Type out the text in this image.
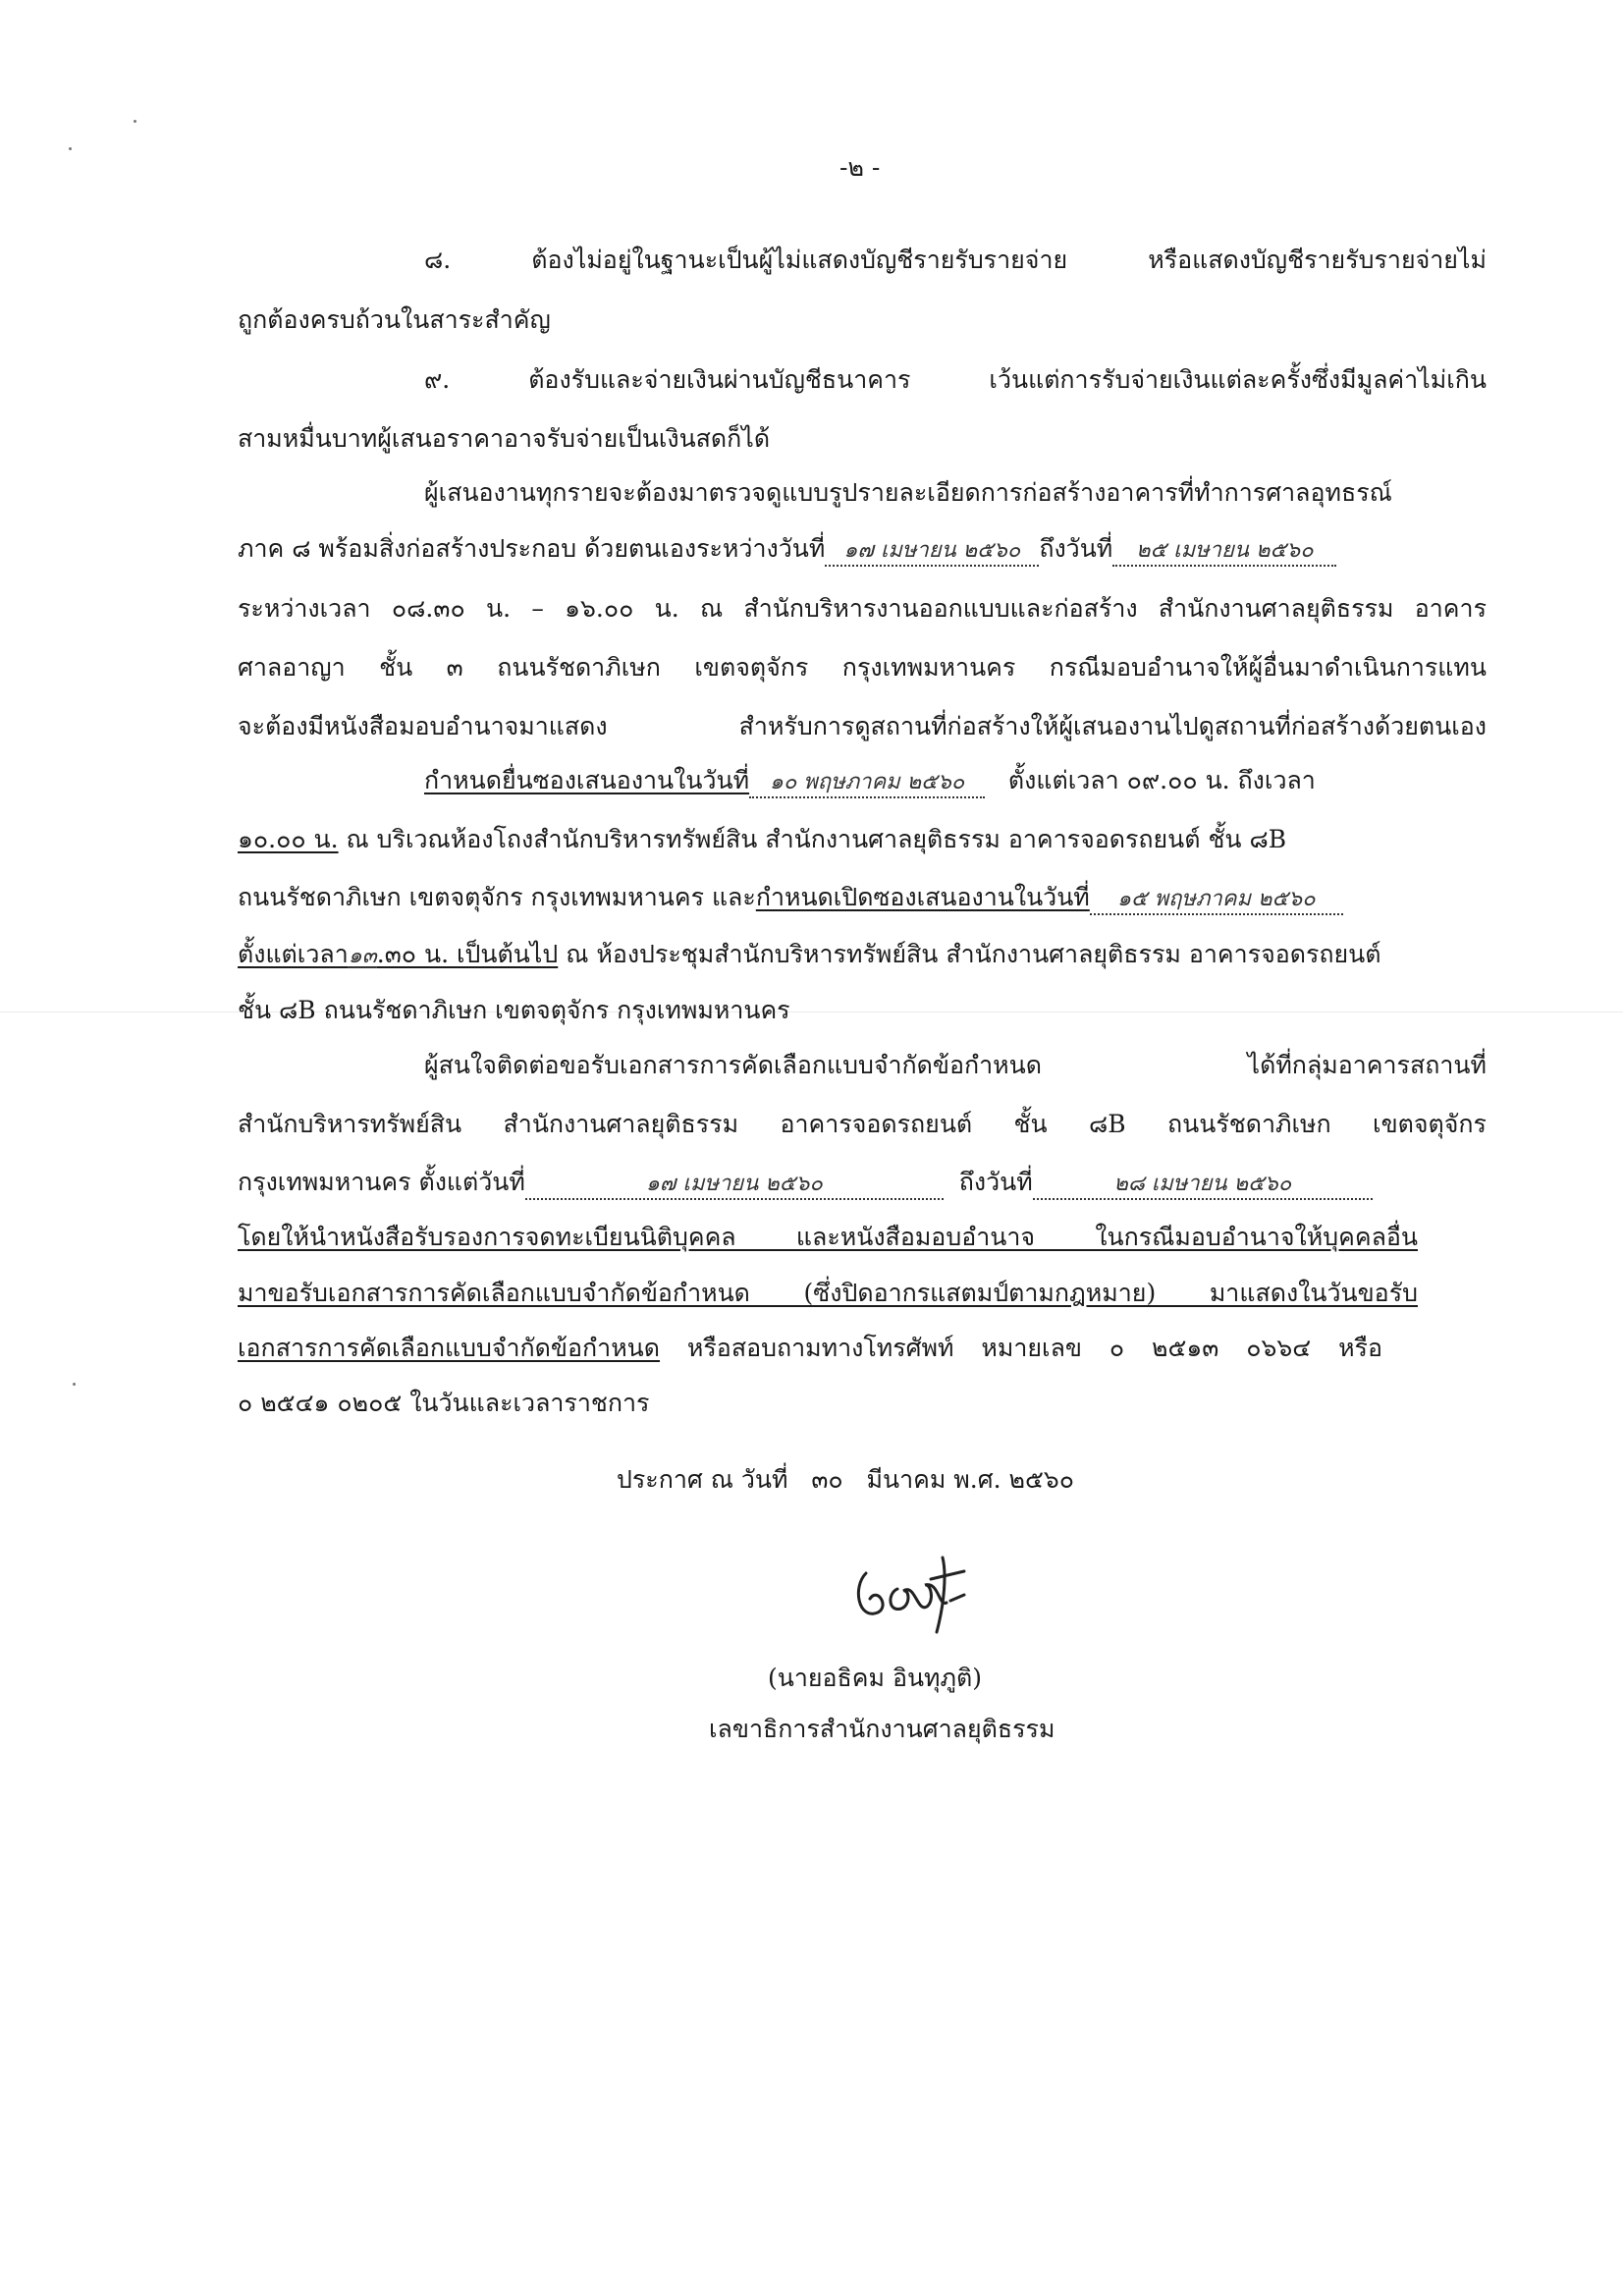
-๒ -
๘. ต้องไม่อยู่ในฐานะเป็นผู้ไม่แสดงบัญชีรายรับรายจ่าย หรือแสดงบัญชีรายรับรายจ่ายไม่
ถูกต้องครบถ้วนในสาระสำคัญ
๙. ต้องรับและจ่ายเงินผ่านบัญชีธนาคาร เว้นแต่การรับจ่ายเงินแต่ละครั้งซึ่งมีมูลค่าไม่เกิน
สามหมื่นบาทผู้เสนอราคาอาจรับจ่ายเป็นเงินสดก็ได้
ผู้เสนองานทุกรายจะต้องมาตรวจดูแบบรูปรายละเอียดการก่อสร้างอาคารที่ทำการศาลอุทธรณ์
ภาค ๘ พร้อมสิ่งก่อสร้างประกอบ ด้วยตนเองระหว่างวันที่ ๑๗ เมษายน ๒๕๖๐ ถึงวันที่ ๒๕ เมษายน ๒๕๖๐
ระหว่างเวลา ๐๘.๓๐ น. – ๑๖.๐๐ น. ณ สำนักบริหารงานออกแบบและก่อสร้าง สำนักงานศาลยุติธรรม อาคาร
ศาลอาญา ชั้น ๓ ถนนรัชดาภิเษก เขตจตุจักร กรุงเทพมหานคร กรณีมอบอำนาจให้ผู้อื่นมาดำเนินการแทน
จะต้องมีหนังสือมอบอำนาจมาแสดง สำหรับการดูสถานที่ก่อสร้างให้ผู้เสนองานไปดูสถานที่ก่อสร้างด้วยตนเอง
กำหนดยื่นซองเสนองานในวันที่ ๑๐ พฤษภาคม ๒๕๖๐ ตั้งแต่เวลา ๐๙.๐๐ น. ถึงเวลา
๑๐.๐๐ น. ณ บริเวณห้องโถงสำนักบริหารทรัพย์สิน สำนักงานศาลยุติธรรม อาคารจอดรถยนต์ ชั้น ๘B
ถนนรัชดาภิเษก เขตจตุจักร กรุงเทพมหานคร และกำหนดเปิดซองเสนองานในวันที่ ๑๕ พฤษภาคม ๒๕๖๐
ตั้งแต่เวลา๑๓.๓๐ น. เป็นต้นไป ณ ห้องประชุมสำนักบริหารทรัพย์สิน สำนักงานศาลยุติธรรม อาคารจอดรถยนต์
ชั้น ๘B ถนนรัชดาภิเษก เขตจตุจักร กรุงเทพมหานคร
ผู้สนใจติดต่อขอรับเอกสารการคัดเลือกแบบจำกัดข้อกำหนด ได้ที่กลุ่มอาคารสถานที่
สำนักบริหารทรัพย์สิน สำนักงานศาลยุติธรรม อาคารจอดรถยนต์ ชั้น ๘B ถนนรัชดาภิเษก เขตจตุจักร
กรุงเทพมหานคร ตั้งแต่วันที่	๑๗ เมษายน ๒๕๖๐	ถึงวันที่	๒๘ เมษายน ๒๕๖๐
โดยให้นำหนังสือรับรองการจดทะเบียนนิติบุคคล และหนังสือมอบอำนาจ ในกรณีมอบอำนาจให้บุคคลอื่น
มาขอรับเอกสารการคัดเลือกแบบจำกัดข้อกำหนด (ซึ่งปิดอากรแสตมป์ตามกฎหมาย) มาแสดงในวันขอรับ
เอกสารการคัดเลือกแบบจำกัดข้อกำหนด หรือสอบถามทางโทรศัพท์ หมายเลข ๐ ๒๕๑๓ ๐๖๖๔ หรือ
๐ ๒๕๔๑ ๐๒๐๕ ในวันและเวลาราชการ
ประกาศ ณ วันที่ ๓๐ มีนาคม พ.ศ. ๒๕๖๐
(นายอธิคม อินทุภูติ)
เลขาธิการสำนักงานศาลยุติธรรม
